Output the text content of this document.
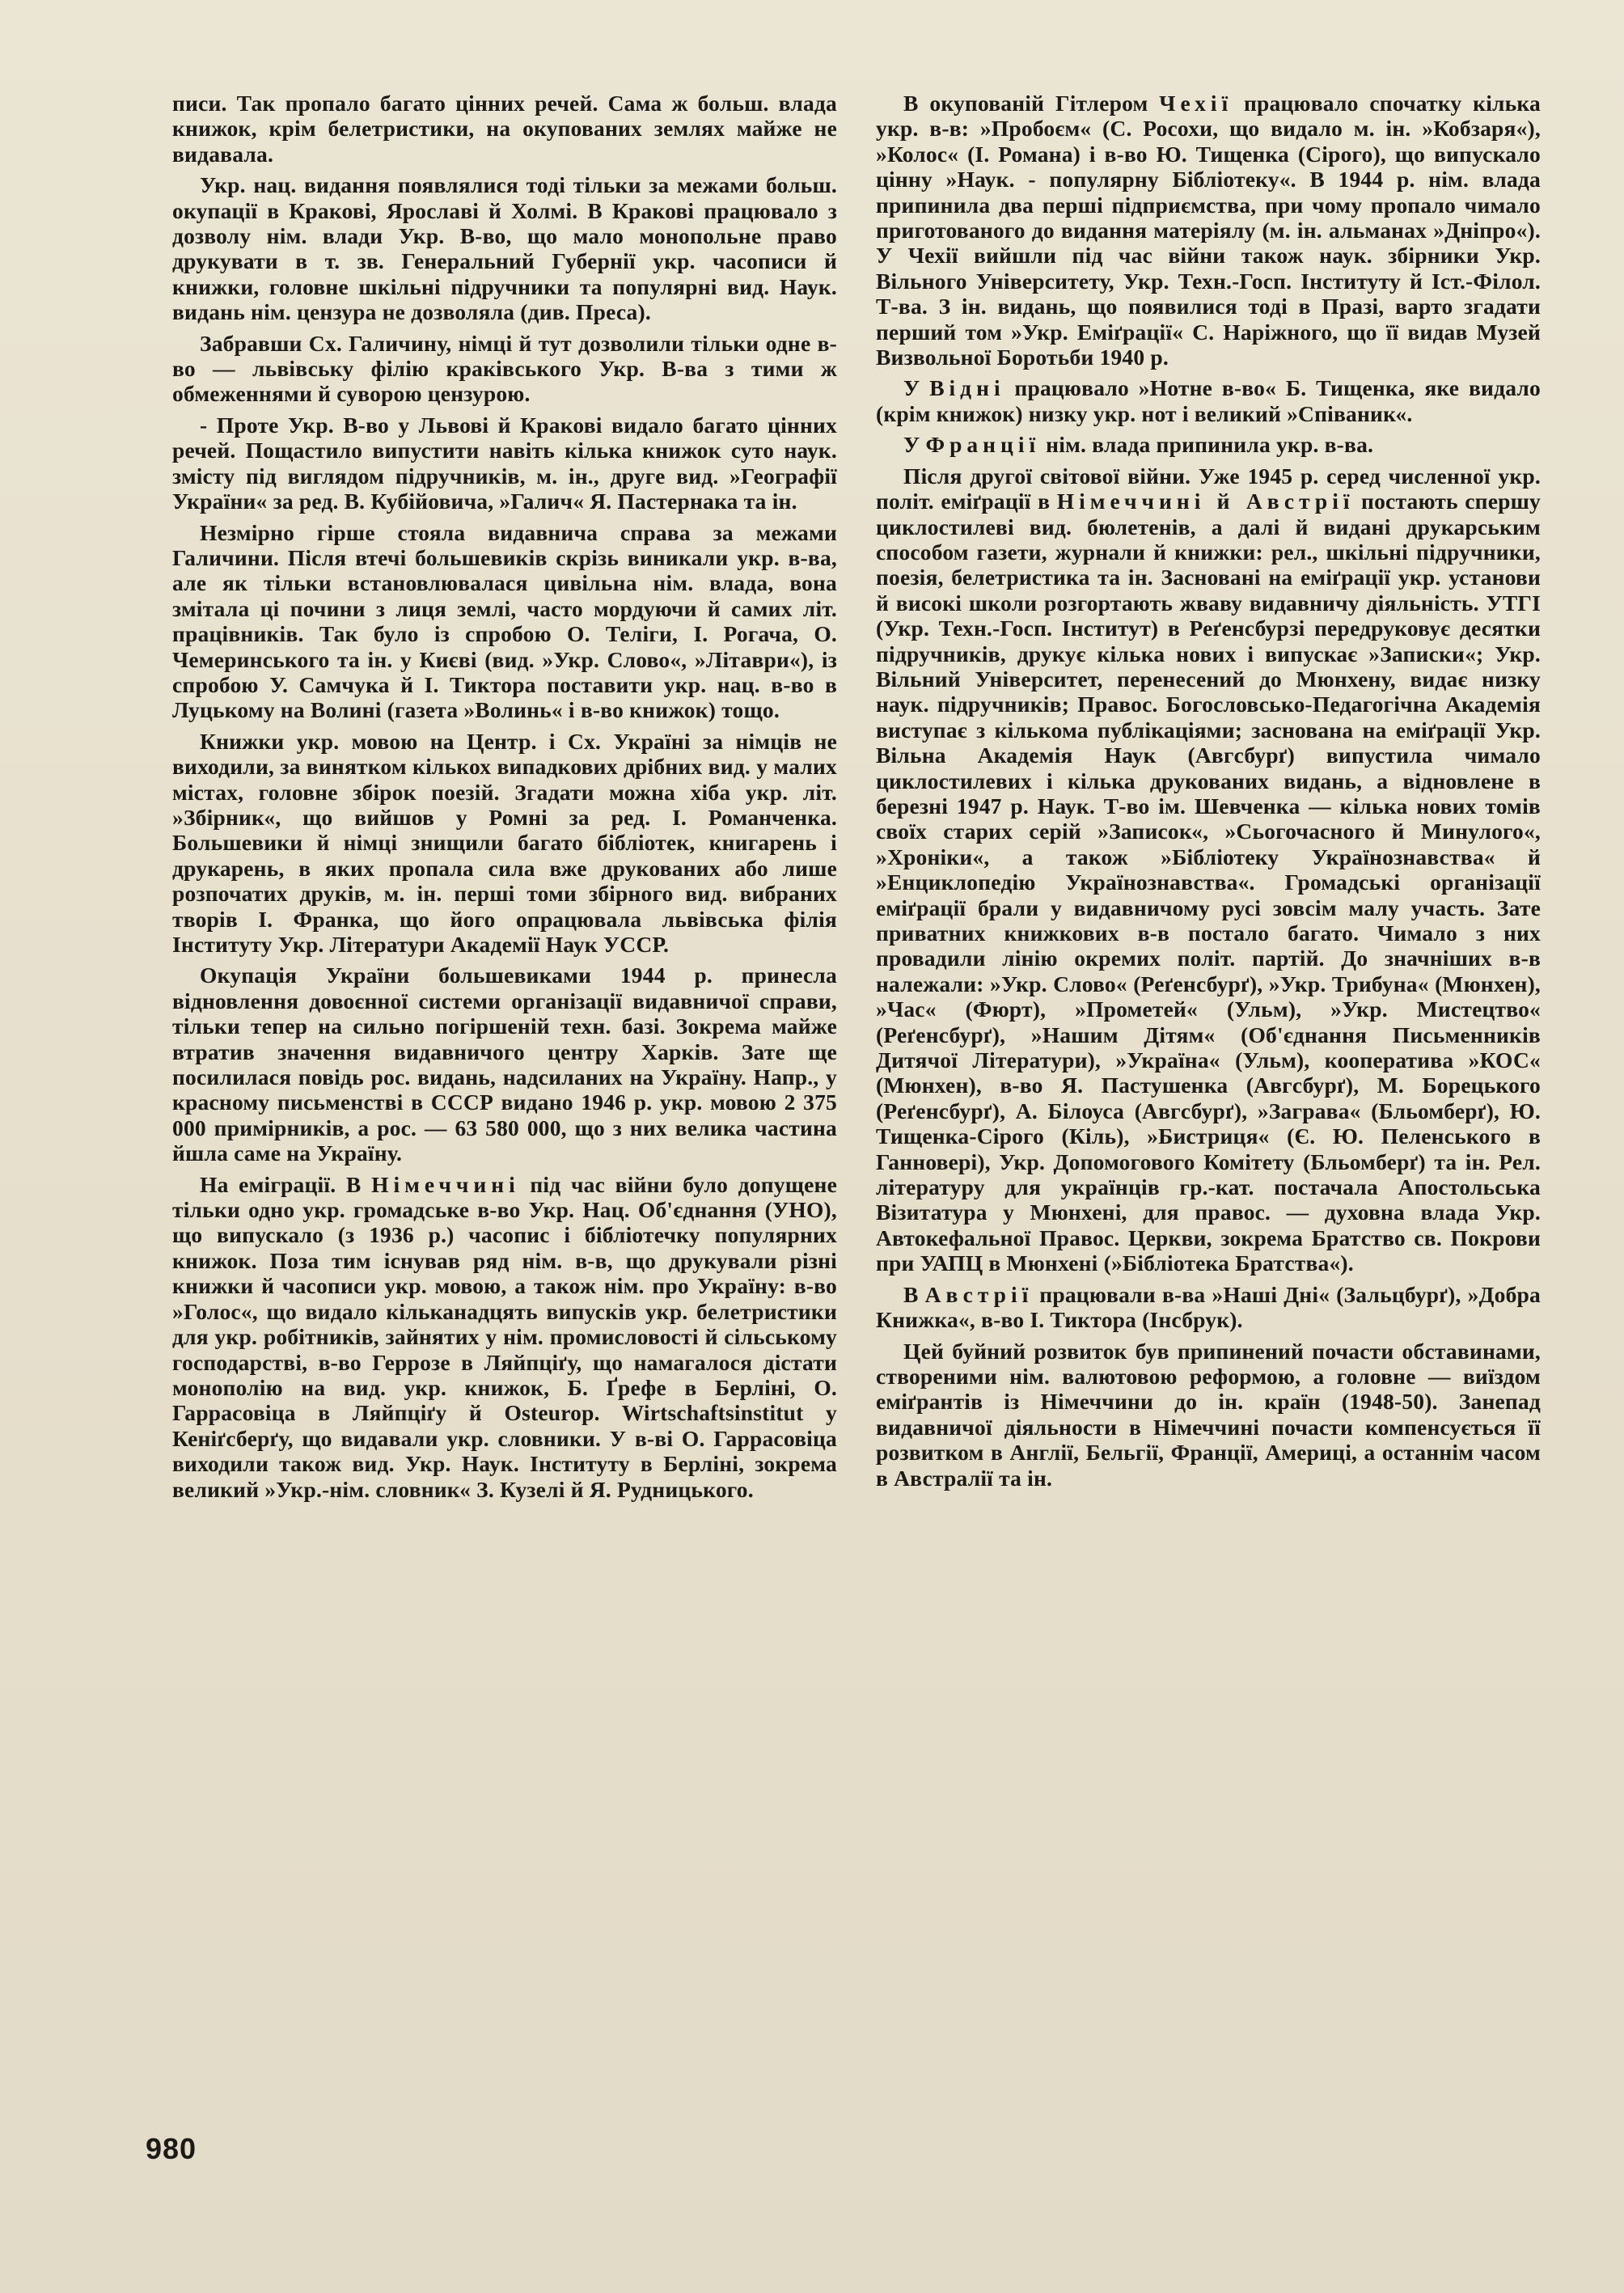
писи. Так пропало багато цінних речей. Сама ж больш. влада книжок, крім белетристики, на окупованих землях майже не видавала.

Укр. нац. видання появлялися тоді тільки за межами больш. окупації в Кракові, Ярославі й Холмі. В Кракові працювало з дозволу нім. влади Укр. В-во, що мало монопольне право друкувати в т. зв. Генеральний Губернії укр. часописи й книжки, головне шкільні підручники та популярні вид. Наук. видань нім. цензура не дозволяла (див. Преса).

Забравши Сх. Галичину, німці й тут дозволили тільки одне в-во — львівську філію краківського Укр. В-ва з тими ж обмеженнями й суворою цензурою.

- Проте Укр. В-во у Львові й Кракові видало багато цінних речей. Пощастило випустити навіть кілька книжок суто наук. змісту під виглядом підручників, м. ін., друге вид. »Географії України« за ред. В. Кубійовича, »Галич« Я. Пастернака та ін.

Незмірно гірше стояла видавнича справа за межами Галичини. Після втечі большевиків скрізь виникали укр. в-ва, але як тільки встановлювалася цивільна нім. влада, вона змітала ці почини з лиця землі, часто мордуючи й самих літ. працівників. Так було із спробою О. Теліги, І. Рогача, О. Чемеринського та ін. у Києві (вид. »Укр. Слово«, »Літаври«), із спробою У. Самчука й І. Тиктора поставити укр. нац. в-во в Луцькому на Волині (газета »Волинь« і в-во книжок) тощо.

Книжки укр. мовою на Центр. і Сх. Україні за німців не виходили, за винятком кількох випадкових дрібних вид. у малих містах, головне збірок поезій. Згадати можна хіба укр. літ. »Збірник«, що вийшов у Ромні за ред. І. Романченка. Большевики й німці знищили багато бібліотек, книгарень і друкарень, в яких пропала сила вже друкованих або лише розпочатих друків, м. ін. перші томи збірного вид. вибраних творів І. Франка, що його опрацювала львівська філія Інституту Укр. Літератури Академії Наук УССР.

Окупація України большевиками 1944 р. принесла відновлення довоєнної системи організації видавничої справи, тільки тепер на сильно погіршеній техн. базі. Зокрема майже втратив значення видавничого центру Харків. Зате ще посилилася повідь рос. видань, надсиланих на Україну. Напр., у красному письменстві в СССР видано 1946 р. укр. мовою 2 375 000 примірників, а рос. — 63 580 000, що з них велика частина йшла саме на Україну.

На еміграції. В Німеччині під час війни було допущене тільки одно укр. громадське в-во Укр. Нац. Об'єднання (УНО), що випускало (з 1936 р.) часопис і бібліотечку популярних книжок. Поза тим існував ряд нім. в-в, що друкували різні книжки й часописи укр. мовою, а також нім. про Україну: в-во »Голос«, що видало кільканадцять випусків укр. белетристики для укр. робітників, зайнятих у нім. промисловості й сільському господарстві, в-во Геррозе в Ляйпціґу, що намагалося дістати монополію на вид. укр. книжок, Б. Ґрефе в Берліні, О. Гаррасовіца в Ляйпціґу й Osteurop. Wirtschaftsinstitut у Кеніґсберґу, що видавали укр. словники. У в-ві О. Гаррасовіца виходили також вид. Укр. Наук. Інституту в Берліні, зокрема великий »Укр.-нім. словник« З. Кузелі й Я. Рудницького.

В окупованій Гітлером Чехії працювало спочатку кілька укр. в-в: »Пробоєм« (С. Росохи, що видало м. ін. »Кобзаря«), »Колос« (І. Романа) і в-во Ю. Тищенка (Сірого), що випускало цінну »Наук. - популярну Бібліотеку«. В 1944 р. нім. влада припинила два перші підприємства, при чому пропало чимало приготованого до видання матеріялу (м. ін. альманах »Дніпро«). У Чехії вийшли під час війни також наук. збірники Укр. Вільного Університету, Укр. Техн.-Госп. Інституту й Іст.-Філол. Т-ва. З ін. видань, що появилися тоді в Празі, варто згадати перший том »Укр. Еміґрації« С. Наріжного, що її видав Музей Визвольної Боротьби 1940 р.

У Відні працювало »Нотне в-во« Б. Тищенка, яке видало (крім книжок) низку укр. нот і великий »Співаник«.

У Франції нім. влада припинила укр. в-ва.

Після другої світової війни. Уже 1945 р. серед численної укр. політ. еміґрації в Німеччині й Австрії постають спершу циклостилеві вид. бюлетенів, а далі й видані друкарським способом газети, журнали й книжки: рел., шкільні підручники, поезія, белетристика та ін. Засновані на еміґрації укр. установи й високі школи розгортають жваву видавничу діяльність. УТГІ (Укр. Техн.-Госп. Інститут) в Реґенсбурзі передруковує десятки підручників, друкує кілька нових і випускає »Записки«; Укр. Вільний Університет, перенесений до Мюнхену, видає низку наук. підручників; Правос. Богословсько-Педагогічна Академія виступає з кількома публікаціями; заснована на еміґрації Укр. Вільна Академія Наук (Авгсбурґ) випустила чимало циклостилевих і кілька друкованих видань, а відновлене в березні 1947 р. Наук. Т-во ім. Шевченка — кілька нових томів своїх старих серій »Записок«, »Сьогочасного й Минулого«, »Хроніки«, а також »Бібліотеку Українознавства« й »Енциклопедію Українознавства«. Громадські організації еміґрації брали у видавничому русі зовсім малу участь. Зате приватних книжкових в-в постало багато. Чимало з них провадили лінію окремих політ. партій. До значніших в-в належали: »Укр. Слово« (Реґенсбурґ), »Укр. Трибуна« (Мюнхен), »Час« (Фюрт), »Прометей« (Ульм), »Укр. Мистецтво« (Реґенсбурґ), »Нашим Дітям« (Об'єднання Письменників Дитячої Літератури), »Україна« (Ульм), кооператива »КОС« (Мюнхен), в-во Я. Пастушенка (Авгсбурґ), М. Борецького (Реґенсбурґ), А. Білоуса (Авгсбурґ), »Заграва« (Бльомберґ), Ю. Тищенка-Сірого (Кіль), »Бистриця« (Є. Ю. Пеленського в Ганновері), Укр. Допомогового Комітету (Бльомберґ) та ін. Рел. літературу для українців гр.-кат. постачала Апостольська Візитатура у Мюнхені, для правос. — духовна влада Укр. Автокефальної Правос. Церкви, зокрема Братство св. Покрови при УАПЦ в Мюнхені (»Бібліотека Братства«).

В Австрії працювали в-ва »Наші Дні« (Зальцбурґ), »Добра Книжка«, в-во І. Тиктора (Інсбрук).

Цей буйний розвиток був припинений почасти обставинами, створеними нім. валютовою реформою, а головне — виїздом еміґрантів із Німеччини до ін. країн (1948-50). Занепад видавничої діяльности в Німеччині почасти компенсується її розвитком в Англії, Бельгії, Франції, Америці, а останнім часом в Австралії та ін.

980
